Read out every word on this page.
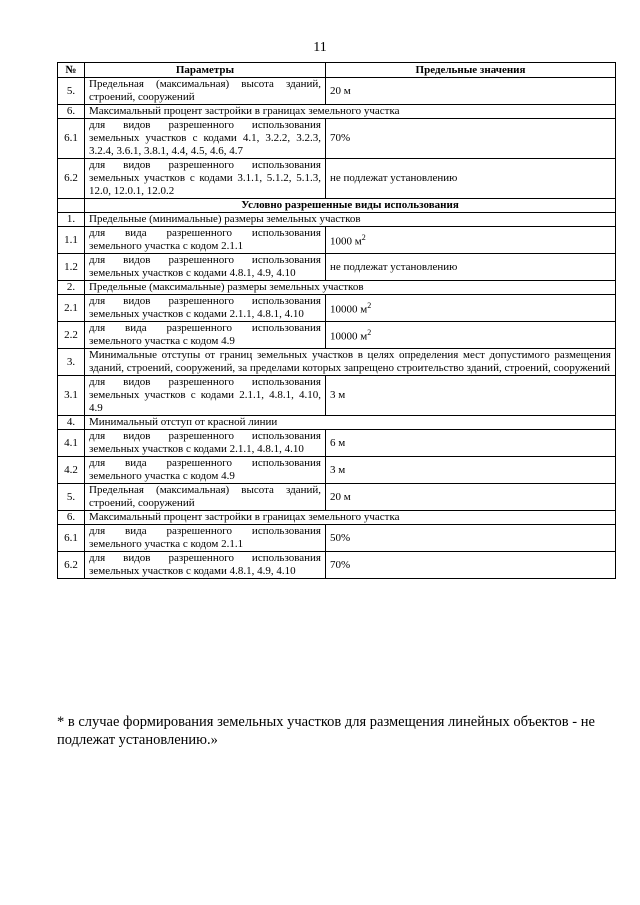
11
№	Параметры	Предельные значения
5.	Предельная (максимальная) высота зданий, строений, сооружений	20 м
6.	Максимальный процент застройки в границах земельного участка	
6.1	для видов разрешенного использования земельных участков с кодами 4.1, 3.2.2, 3.2.3, 3.2.4, 3.6.1, 3.8.1, 4.4, 4.5, 4.6, 4.7	70%
6.2	для видов разрешенного использования земельных участков с кодами 3.1.1, 5.1.2, 5.1.3, 12.0, 12.0.1, 12.0.2	не подлежат установлению
	Условно разрешенные виды использования	
1.	Предельные (минимальные) размеры земельных участков	
1.1	для вида разрешенного использования земельного участка с кодом 2.1.1	1000 $м^2$
1.2	для видов разрешенного использования земельных участков с кодами 4.8.1, 4.9, 4.10	не подлежат установлению
2.	Предельные (максимальные) размеры земельных участков	
2.1	для видов разрешенного использования земельных участков с кодами 2.1.1, 4.8.1, 4.10	10000 $м^2$
2.2	для вида разрешенного использования земельного участка с кодом 4.9	10000 $м^2$
3.	Минимальные отступы от границ земельных участков в целях определения мест допустимого размещения зданий, строений, сооружений, за пределами которых запрещено строительство зданий, строений, сооружений	
3.1	для видов разрешенного использования земельных участков с кодами 2.1.1, 4.8.1, 4.10, 4.9	3 м
4.	Минимальный отступ от красной линии	
4.1	для видов разрешенного использования земельных участков с кодами 2.1.1, 4.8.1, 4.10	6 м
4.2	для вида разрешенного использования земельного участка с кодом 4.9	3 м
5.	Предельная (максимальная) высота зданий, строений, сооружений	20 м
6.	Максимальный процент застройки в границах земельного участка	
6.1	для вида разрешенного использования земельного участка с кодом 2.1.1	50%
6.2	для видов разрешенного использования земельных участков с кодами 4.8.1, 4.9, 4.10	70%
* в случае формирования земельных участков для размещения линейных объектов - не подлежат установлению.»
